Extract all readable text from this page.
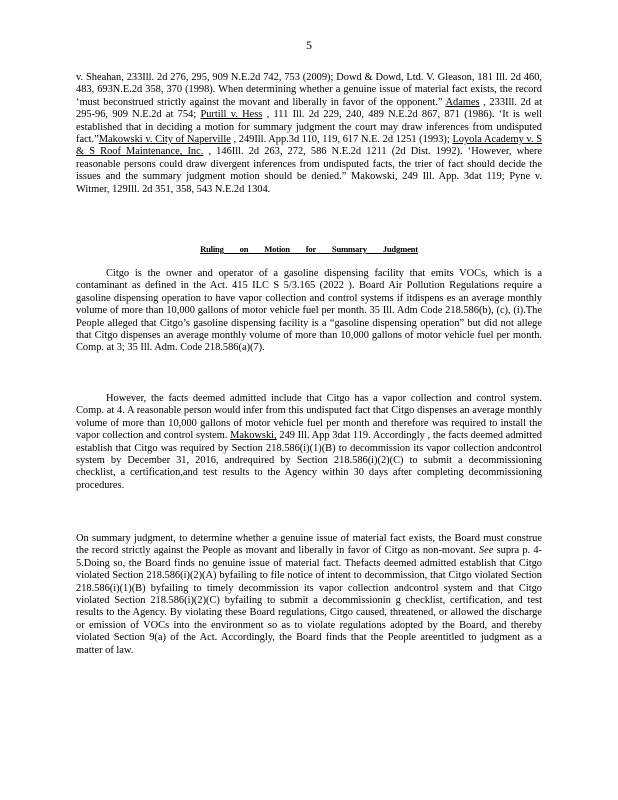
5

v. Sheahan, 233Ill. 2d 276, 295, 909 N.E.2d 742, 753 (2009); Dowd & Dowd, Ltd. V. Gleason, 181 Ill. 2d 460, 483, 693N.E.2d 358, 370 (1998). When determining whether a genuine issue of material fact exists, the record ‘must beconstrued strictly against the movant and liberally in favor of the opponent.” Adames , 233Ill. 2d at 295-96, 909 N.E.2d at 754; Purtill v. Hess , 111 Ill. 2d 229, 240, 489 N.E.2d 867, 871 (1986). ‘It is well established that in deciding a motion for summary judgment the court may draw inferences from undisputed fact.”Makowski v. City of Naperville , 249Ill. App.3d 110, 119, 617 N.E. 2d 1251 (1993); Loyola Academy v. S & S Roof Maintenance, Inc. , 146Ill. 2d 263, 272, 586 N.E.2d 1211 (2d Dist. 1992). ‘However, where reasonable persons could draw divergent inferences from undisputed facts, the trier of fact should decide the issues and the summary judgment motion should be denied.” Makowski, 249 Ill. App. 3dat 119; Pyne v. Witmer, 129Ill. 2d 351, 358, 543 N.E.2d 1304.

Ruling on Motion for Summary Judgment

Citgo is the owner and operator of a gasoline dispensing facility that emits VOCs, which is a contaminant as defined in the Act. 415 ILC S 5/3.165 (2022 ). Board Air Pollution Regulations require a gasoline dispensing operation to have vapor collection and control systems if itdispens es an average monthly volume of more than 10,000 gallons of motor vehicle fuel per month. 35 Ill. Adm Code 218.586(b), (c), (i).The People alleged that Citgo’s gasoline dispensing facility is a “gasoline dispensing operation” but did not allege that Citgo dispenses an average monthly volume of more than 10,000 gallons of motor vehicle fuel per month. Comp. at 3; 35 Ill. Adm. Code 218.586(a)(7).

However, the facts deemed admitted include that Citgo has a vapor collection and control system. Comp. at 4. A reasonable person would infer from this undisputed fact that Citgo dispenses an average monthly volume of more than 10,000 gallons of motor vehicle fuel per month and therefore was required to install the vapor collection and control system. Makowski, 249 Ill. App 3dat 119. Accordingly , the facts deemed admitted establish that Citgo was required by Section 218.586(i)(1)(B) to decommission its vapor collection andcontrol system by December 31, 2016, andrequired by Section 218.586(i)(2)(C) to submit a decommissioning checklist, a certification,and test results to the Agency within 30 days after completing decommissioning procedures.

On summary judgment, to determine whether a genuine issue of material fact exists, the Board must construe the record strictly against the People as movant and liberally in favor of Citgo as non-movant. See supra p. 4-5.Doing so, the Board finds no genuine issue of material fact. Thefacts deemed admitted establish that Citgo violated Section 218.586(i)(2)(A) byfailing to file notice of intent to decommission, that Citgo violated Section 218.586(i)(1)(B) byfailing to timely decommission its vapor collection andcontrol system and that Citgo violated Section 218.586(i)(2)(C) byfailing to submit a decommissionin g checklist, certification, and test results to the Agency. By violating these Board regulations, Citgo caused, threatened, or allowed the discharge or emission of VOCs into the environment so as to violate regulations adopted by the Board, and thereby violated Section 9(a) of the Act. Accordingly, the Board finds that the People areentitled to judgment as a matter of law.
